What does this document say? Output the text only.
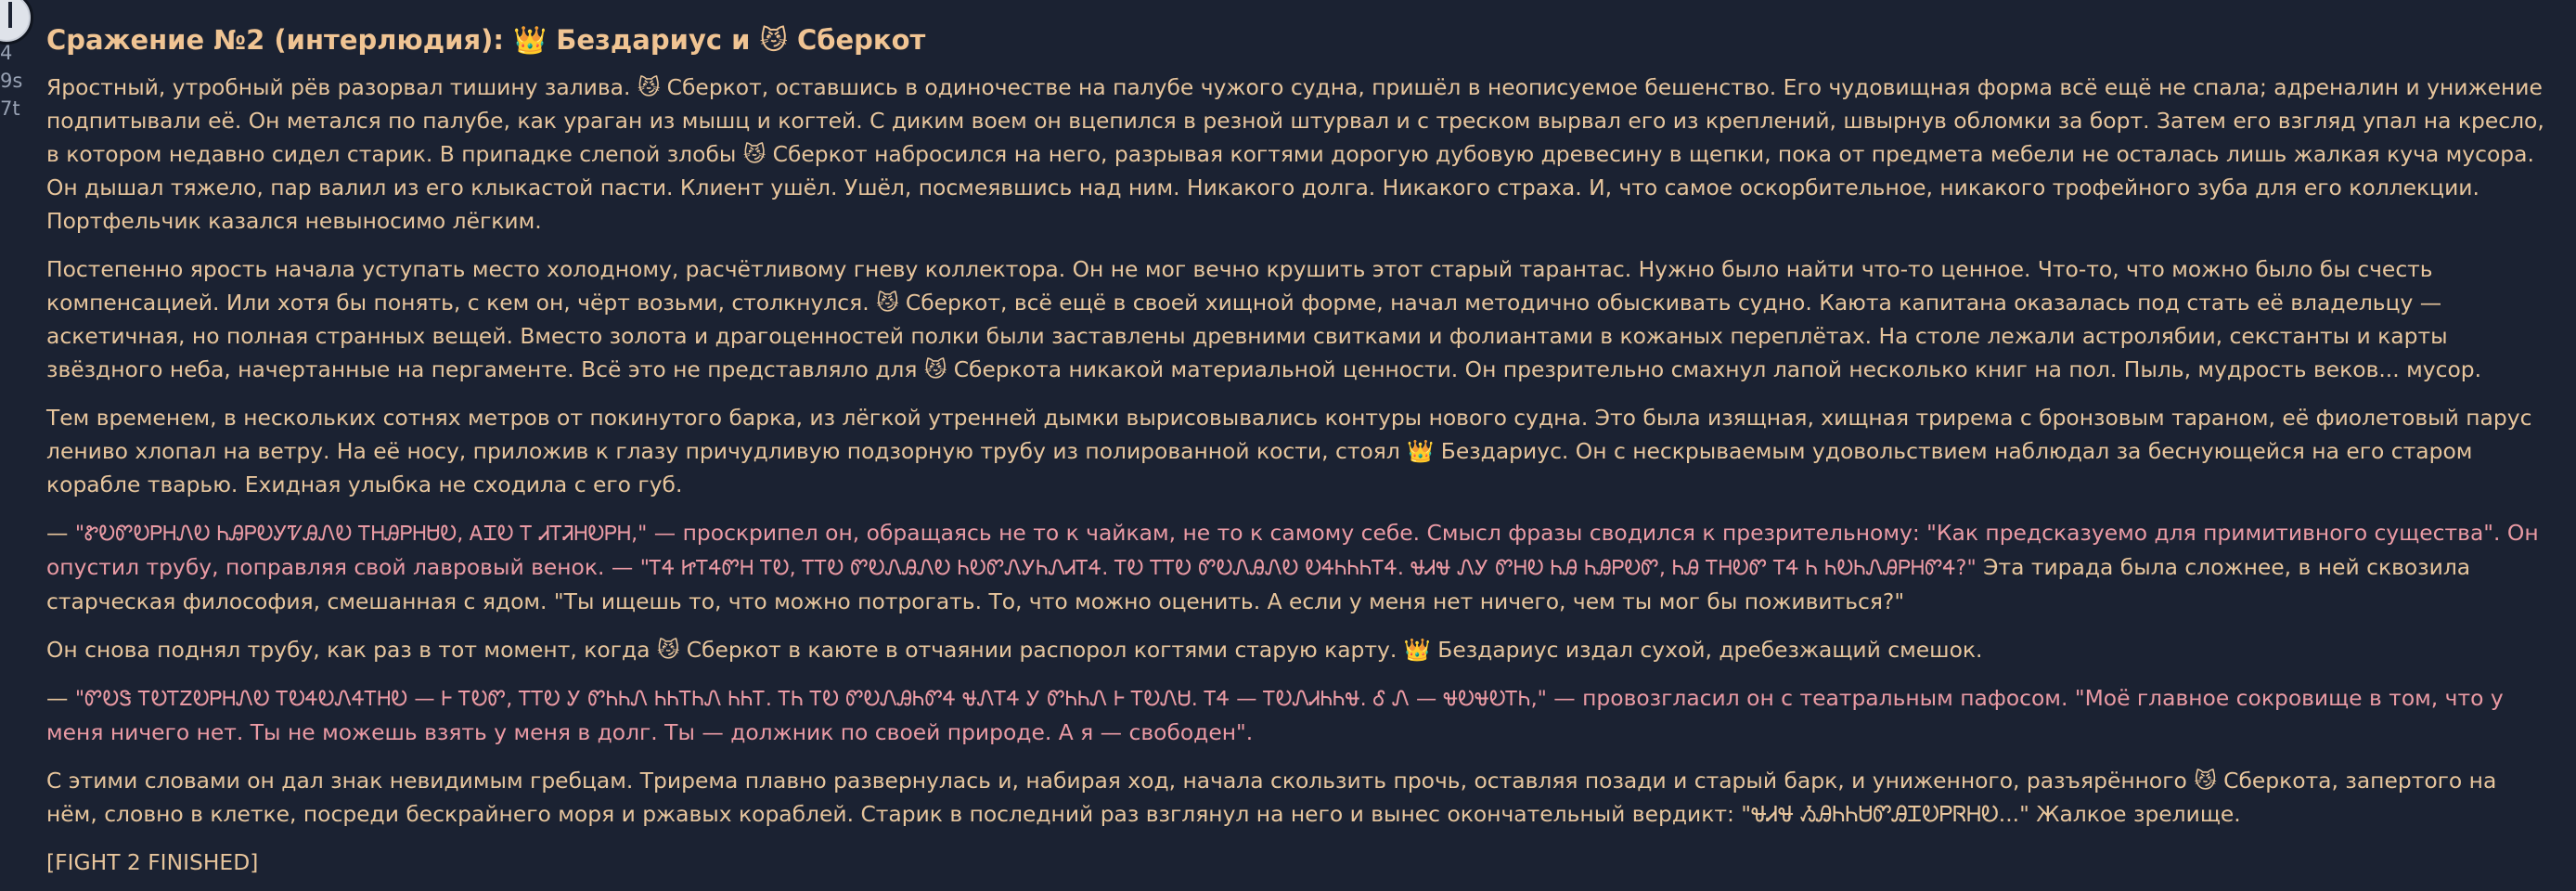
4
9s
7t
Сражение №2 (интерлюдия): 👑 Бездариус и 😼 Сберкот

Яростный, утробный рёв разорвал тишину залива. 😼 Сберкот, оставшись в одиночестве на палубе чужого судна, пришёл в неописуемое бешенство. Его чудовищная форма всё ещё не спала; адреналин и унижение подпитывали её. Он метался по палубе, как ураган из мышц и когтей. С диким воем он вцепился в резной штурвал и с треском вырвал его из креплений, швырнув обломки за борт. Затем его взгляд упал на кресло, в котором недавно сидел старик. В припадке слепой злобы 😼 Сберкот набросился на него, разрывая когтями дорогую дубовую древесину в щепки, пока от предмета мебели не осталась лишь жалкая куча мусора. Он дышал тяжело, пар валил из его клыкастой пасти. Клиент ушёл. Ушёл, посмеявшись над ним. Никакого долга. Никакого страха. И, что самое оскорбительное, никакого трофейного зуба для его коллекции. Портфельчик казался невыносимо лёгким.

Постепенно ярость начала уступать место холодному, расчётливому гневу коллектора. Он не мог вечно крушить этот старый тарантас. Нужно было найти что-то ценное. Что-то, что можно было бы счесть компенсацией. Или хотя бы понять, с кем он, чёрт возьми, столкнулся. 😼 Сберкот, всё ещё в своей хищной форме, начал методично обыскивать судно. Каюта капитана оказалась под стать её владельцу — аскетичная, но полная странных вещей. Вместо золота и драгоценностей полки были заставлены древними свитками и фолиантами в кожаных переплётах. На столе лежали астролябии, секстанты и карты звёздного неба, начертанные на пергаменте. Всё это не представляло для 😼 Сберкота никакой материальной ценности. Он презрительно смахнул лапой несколько книг на пол. Пыль, мудрость веков... мусор.

Тем временем, в нескольких сотнях метров от покинутого барка, из лёгкой утренней дымки вырисовывались контуры нового судна. Это была изящная, хищная трирема с бронзовым тараном, её фиолетовый парус лениво хлопал на ветру. На её носу, приложив к глазу причудливую подзорную трубу из полированной кости, стоял 👑 Бездариус. Он с нескрываемым удовольствием наблюдал за беснующейся на его старом корабле тварью. Ехидная улыбка не сходила с его губ.

— "ᏑᎧᏛᎧᏢᎻᏁᎧ ᏂᎯᏢᎧᎩᏤᎯᏁᎧ ᎢᎻᎯᏢᎻᏌᎧ, ᎪᏆᎧ Ꭲ ᏗᎢᏘᎻᎧᏢᎻ," — проскрипел он, обращаясь не то к чайкам, не то к самому себе. Смысл фразы сводился к презрительному: "Как предсказуемо для примитивного существа". Он опустил трубу, поправляя свой лавровый венок. — "ᎢᏎ ᏥᎢᏎᏛᎻ ᎢᎧ, ᎢᎢᎧ ᏛᎧᏁᎯᏁᎧ ᏂᎧᏛᏁᎩᏂᏁᏗᎢᏎ. ᎢᎧ ᎢᎢᎧ ᏛᎧᏁᎯᏁᎧ ᎧᏎᏂᏂᏂᎢᏎ. ᏠᏗᏠ ᏁᎩ ᏛᎻᎧ ᏂᎯ ᏂᎯᏢᎧᏛ, ᏂᎯ ᎢᎻᎧᏛ ᎢᏎ Ꮒ ᏂᎧᏂᏁᎯᏢᎻᏛᏎ?" Эта тирада была сложнее, в ней сквозила старческая философия, смешанная с ядом. "Ты ищешь то, что можно потрогать. То, что можно оценить. А если у меня нет ничего, чем ты мог бы поживиться?"

Он снова поднял трубу, как раз в тот момент, когда 😼 Сберкот в каюте в отчаянии распорол когтями старую карту. 👑 Бездариус издал сухой, дребезжащий смешок.

— "ᏛᎧᏕ ᎢᎧᎢᏃᎧᏢᎻᏁᎧ ᎢᎧᏎᎧᏁᏎᎢᎻᎧ — Ꮀ ᎢᎧᏛ, ᎢᎢᎧ Ꭹ ᏛᏂᏂᏁ ᏂᏂᎢᏂᏁ ᏂᏂᎢ. ᎢᏂ ᎢᎧ ᏛᎧᏁᎯᏂᏛᏎ ᏠᏁᎢᏎ Ꭹ ᏛᏂᏂᏁ Ꮀ ᎢᎧᏁᏌ. ᎢᏎ — ᎢᎧᏁᏗᏂᏂᏠ. Ꮄ Ꮑ — ᏠᎧᏠᎧᎢᏂ," — провозгласил он с театральным пафосом. "Моё главное сокровище в том, что у меня ничего нет. Ты не можешь взять у меня в долг. Ты — должник по своей природе. А я — свободен".

С этими словами он дал знак невидимым гребцам. Трирема плавно развернулась и, набирая ход, начала скользить прочь, оставляя позади и старый барк, и униженного, разъярённого 😼 Сберкота, запертого на нём, словно в клетке, посреди бескрайнего моря и ржавых кораблей. Старик в последний раз взглянул на него и вынес окончательный вердикт: "ᏠᏗᏠ ᏱᎯᏂᏂᏌᏛᎯᏆᎧᏢᏒᎻᎧ..." Жалкое зрелище.

[FIGHT 2 FINISHED]
